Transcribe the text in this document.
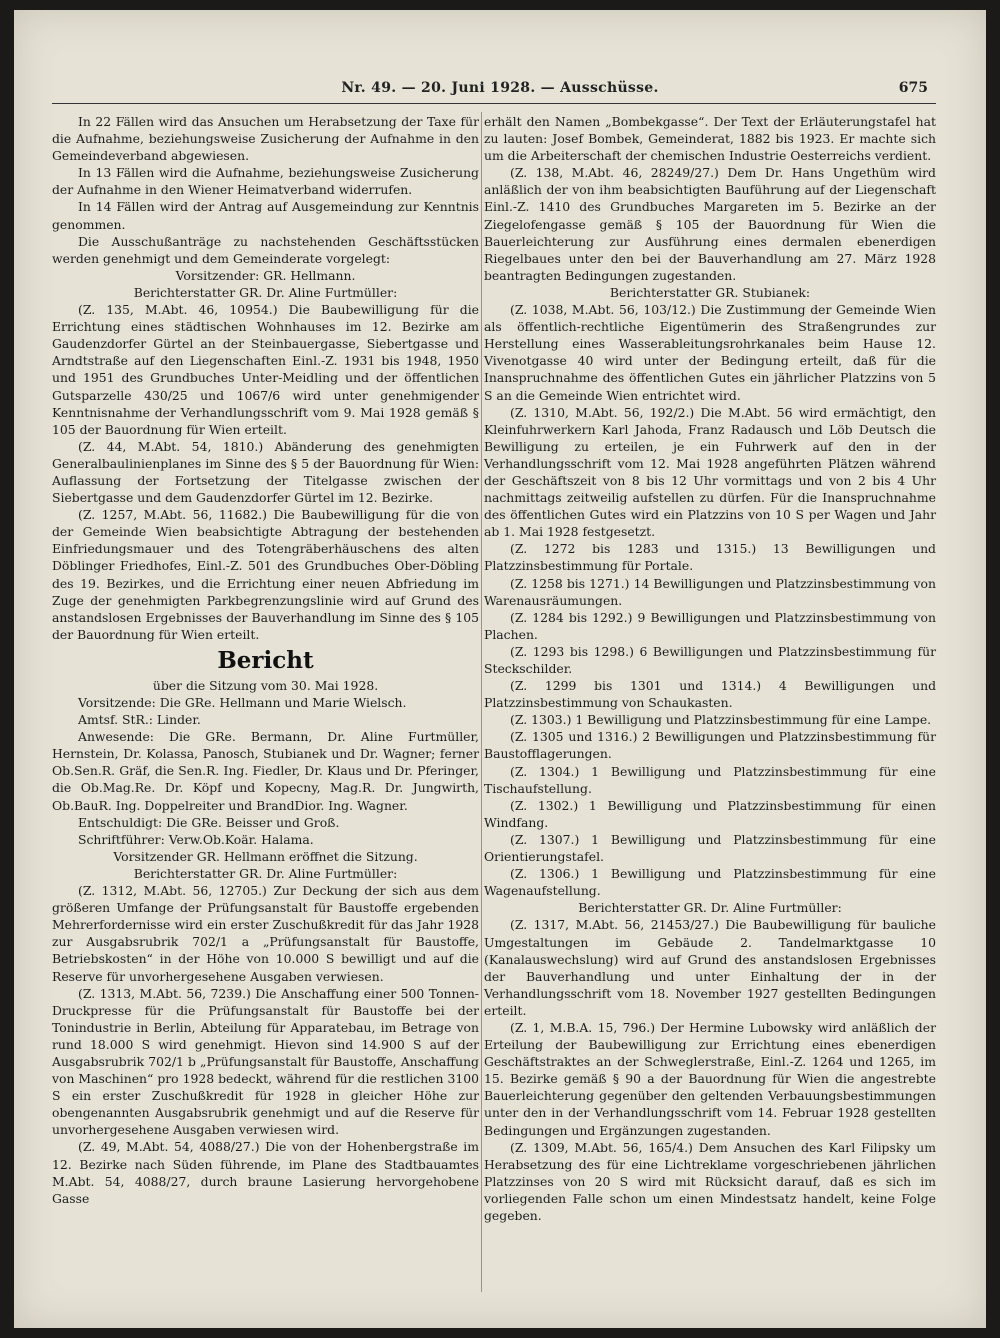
Nr. 49. — 20. Juni 1928. — Ausschüsse.	675

In 22 Fällen wird das Ansuchen um Herabsetzung der Taxe für die Aufnahme, beziehungsweise Zusicherung der Aufnahme in den Gemeindeverband abgewiesen.

In 13 Fällen wird die Aufnahme, beziehungsweise Zusicherung der Aufnahme in den Wiener Heimatverband widerrufen.

In 14 Fällen wird der Antrag auf Ausgemeindung zur Kenntnis genommen.

Die Ausschußanträge zu nachstehenden Geschäftsstücken werden genehmigt und dem Gemeinderate vorgelegt:

Vorsitzender: GR. Hellmann.

Berichterstatter GR. Dr. Aline Furtmüller:

(Z. 135, M.Abt. 46, 10954.) Die Baubewilligung für die Errichtung eines städtischen Wohnhauses im 12. Bezirke am Gaudenzdorfer Gürtel an der Steinbauergasse, Siebertgasse und Arndtstraße auf den Liegenschaften Einl.-Z. 1931 bis 1948, 1950 und 1951 des Grundbuches Unter-Meidling und der öffentlichen Gutsparzelle 430/25 und 1067/6 wird unter genehmigender Kenntnisnahme der Verhandlungsschrift vom 9. Mai 1928 gemäß § 105 der Bauordnung für Wien erteilt.

(Z. 44, M.Abt. 54, 1810.) Abänderung des genehmigten Generalbaulinienplanes im Sinne des § 5 der Bauordnung für Wien: Auflassung der Fortsetzung der Titelgasse zwischen der Siebertgasse und dem Gaudenzdorfer Gürtel im 12. Bezirke.

(Z. 1257, M.Abt. 56, 11682.) Die Baubewilligung für die von der Gemeinde Wien beabsichtigte Abtragung der bestehenden Einfriedungsmauer und des Totengräberhäuschens des alten Döblinger Friedhofes, Einl.-Z. 501 des Grundbuches Ober-Döbling des 19. Bezirkes, und die Errichtung einer neuen Abfriedung im Zuge der genehmigten Parkbegrenzungslinie wird auf Grund des anstandslosen Ergebnisses der Bauverhandlung im Sinne des § 105 der Bauordnung für Wien erteilt.

Bericht

über die Sitzung vom 30. Mai 1928.

Vorsitzende: Die GRe. Hellmann und Marie Wielsch.

Amtsf. StR.: Linder.

Anwesende: Die GRe. Bermann, Dr. Aline Furtmüller, Hernstein, Dr. Kolassa, Panosch, Stubianek und Dr. Wagner; ferner Ob.Sen.R. Gräf, die Sen.R. Ing. Fiedler, Dr. Klaus und Dr. Pferinger, die Ob.Mag.Re. Dr. Köpf und Kopecny, Mag.R. Dr. Jungwirth, Ob.BauR. Ing. Doppelreiter und BrandDior. Ing. Wagner.

Entschuldigt: Die GRe. Beisser und Groß.

Schriftführer: Verw.Ob.Koär. Halama.

Vorsitzender GR. Hellmann eröffnet die Sitzung.

Berichterstatter GR. Dr. Aline Furtmüller:

(Z. 1312, M.Abt. 56, 12705.) Zur Deckung der sich aus dem größeren Umfange der Prüfungsanstalt für Baustoffe ergebenden Mehrerfordernisse wird ein erster Zuschußkredit für das Jahr 1928 zur Ausgabsrubrik 702/1 a „Prüfungsanstalt für Baustoffe, Betriebskosten“ in der Höhe von 10.000 S bewilligt und auf die Reserve für unvorhergesehene Ausgaben verwiesen.

(Z. 1313, M.Abt. 56, 7239.) Die Anschaffung einer 500 Tonnen-Druckpresse für die Prüfungsanstalt für Baustoffe bei der Tonindustrie in Berlin, Abteilung für Apparatebau, im Betrage von rund 18.000 S wird genehmigt. Hievon sind 14.900 S auf der Ausgabsrubrik 702/1 b „Prüfungsanstalt für Baustoffe, Anschaffung von Maschinen“ pro 1928 bedeckt, während für die restlichen 3100 S ein erster Zuschußkredit für 1928 in gleicher Höhe zur obengenannten Ausgabsrubrik genehmigt und auf die Reserve für unvorhergesehene Ausgaben verwiesen wird.

(Z. 49, M.Abt. 54, 4088/27.) Die von der Hohenbergstraße im 12. Bezirke nach Süden führende, im Plane des Stadtbauamtes M.Abt. 54, 4088/27, durch braune Lasierung hervorgehobene Gasse

erhält den Namen „Bombekgasse“. Der Text der Erläuterungstafel hat zu lauten: Josef Bombek, Gemeinderat, 1882 bis 1923. Er machte sich um die Arbeiterschaft der chemischen Industrie Oesterreichs verdient.

(Z. 138, M.Abt. 46, 28249/27.) Dem Dr. Hans Ungethüm wird anläßlich der von ihm beabsichtigten Bauführung auf der Liegenschaft Einl.-Z. 1410 des Grundbuches Margareten im 5. Bezirke an der Ziegelofengasse gemäß § 105 der Bauordnung für Wien die Bauerleichterung zur Ausführung eines dermalen ebenerdigen Riegelbaues unter den bei der Bauverhandlung am 27. März 1928 beantragten Bedingungen zugestanden.

Berichterstatter GR. Stubianek:

(Z. 1038, M.Abt. 56, 103/12.) Die Zustimmung der Gemeinde Wien als öffentlich-rechtliche Eigentümerin des Straßengrundes zur Herstellung eines Wasserableitungsrohrkanales beim Hause 12. Vivenotgasse 40 wird unter der Bedingung erteilt, daß für die Inanspruchnahme des öffentlichen Gutes ein jährlicher Platzzins von 5 S an die Gemeinde Wien entrichtet wird.

(Z. 1310, M.Abt. 56, 192/2.) Die M.Abt. 56 wird ermächtigt, den Kleinfuhrwerkern Karl Jahoda, Franz Radausch und Löb Deutsch die Bewilligung zu erteilen, je ein Fuhrwerk auf den in der Verhandlungsschrift vom 12. Mai 1928 angeführten Plätzen während der Geschäftszeit von 8 bis 12 Uhr vormittags und von 2 bis 4 Uhr nachmittags zeitweilig aufstellen zu dürfen. Für die Inanspruchnahme des öffentlichen Gutes wird ein Platzzins von 10 S per Wagen und Jahr ab 1. Mai 1928 festgesetzt.

(Z. 1272 bis 1283 und 1315.) 13 Bewilligungen und Platzzinsbestimmung für Portale.

(Z. 1258 bis 1271.) 14 Bewilligungen und Platzzinsbestimmung von Warenausräumungen.

(Z. 1284 bis 1292.) 9 Bewilligungen und Platzzinsbestimmung von Plachen.

(Z. 1293 bis 1298.) 6 Bewilligungen und Platzzinsbestimmung für Steckschilder.

(Z. 1299 bis 1301 und 1314.) 4 Bewilligungen und Platzzinsbestimmung von Schaukasten.

(Z. 1303.) 1 Bewilligung und Platzzinsbestimmung für eine Lampe.

(Z. 1305 und 1316.) 2 Bewilligungen und Platzzinsbestimmung für Baustofflagerungen.

(Z. 1304.) 1 Bewilligung und Platzzinsbestimmung für eine Tischaufstellung.

(Z. 1302.) 1 Bewilligung und Platzzinsbestimmung für einen Windfang.

(Z. 1307.) 1 Bewilligung und Platzzinsbestimmung für eine Orientierungstafel.

(Z. 1306.) 1 Bewilligung und Platzzinsbestimmung für eine Wagenaufstellung.

Berichterstatter GR. Dr. Aline Furtmüller:

(Z. 1317, M.Abt. 56, 21453/27.) Die Baubewilligung für bauliche Umgestaltungen im Gebäude 2. Tandelmarktgasse 10 (Kanalauswechslung) wird auf Grund des anstandslosen Ergebnisses der Bauverhandlung und unter Einhaltung der in der Verhandlungsschrift vom 18. November 1927 gestellten Bedingungen erteilt.

(Z. 1, M.B.A. 15, 796.) Der Hermine Lubowsky wird anläßlich der Erteilung der Baubewilligung zur Errichtung eines ebenerdigen Geschäftstraktes an der Schweglerstraße, Einl.-Z. 1264 und 1265, im 15. Bezirke gemäß § 90 a der Bauordnung für Wien die angestrebte Bauerleichterung gegenüber den geltenden Verbauungsbestimmungen unter den in der Verhandlungsschrift vom 14. Februar 1928 gestellten Bedingungen und Ergänzungen zugestanden.

(Z. 1309, M.Abt. 56, 165/4.) Dem Ansuchen des Karl Filipsky um Herabsetzung des für eine Lichtreklame vorgeschriebenen jährlichen Platzzinses von 20 S wird mit Rücksicht darauf, daß es sich im vorliegenden Falle schon um einen Mindestsatz handelt, keine Folge gegeben.
